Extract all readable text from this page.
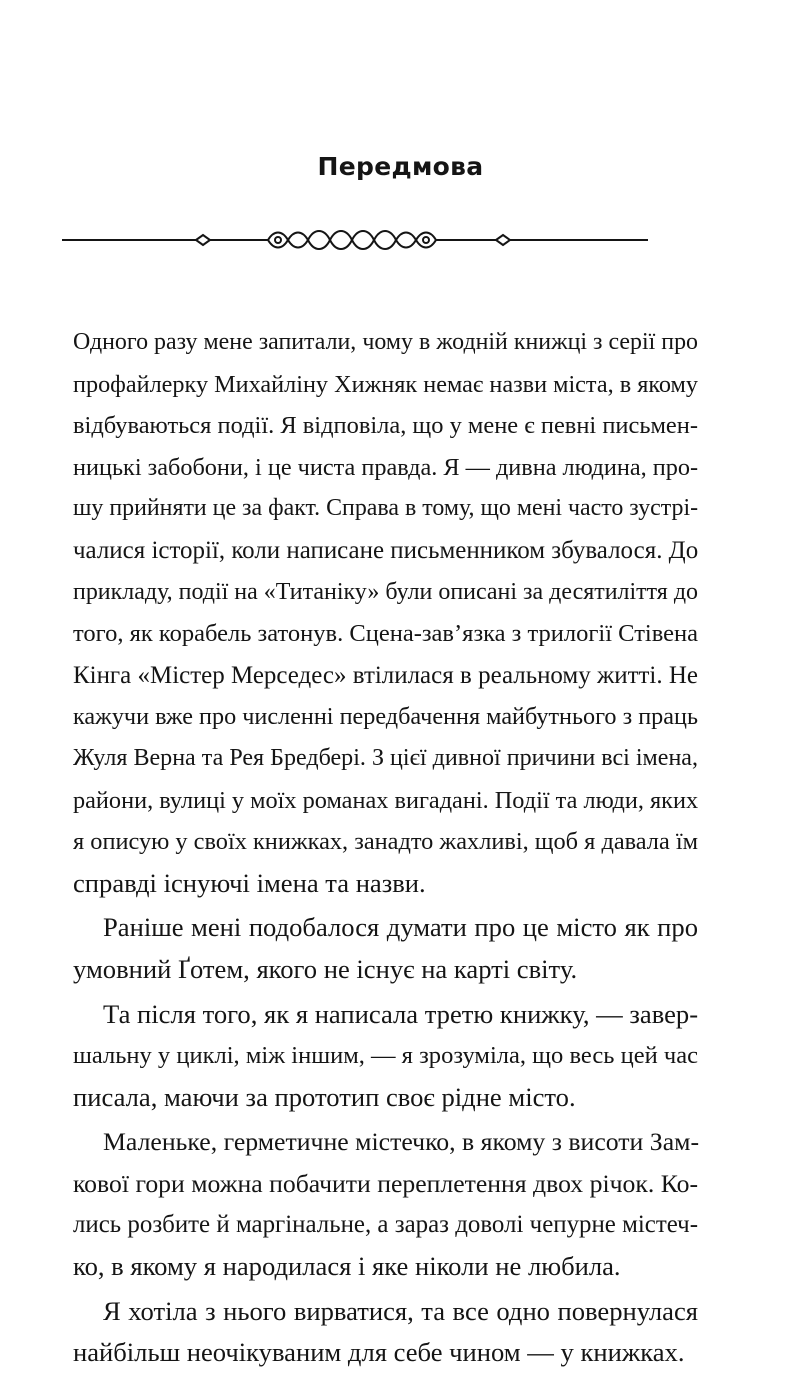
Передмова
Одного разу мене запитали, чому в жодній книжці з серії про
профайлерку Михайліну Хижняк немає назви міста, в якому
відбуваються події. Я відповіла, що у мене є певні письмен-
ницькі забобони, і це чиста правда. Я — дивна людина, про-
шу прийняти це за факт. Справа в тому, що мені часто зустрі-
чалися історії, коли написане письменником збувалося. До
прикладу, події на «Титаніку» були описані за десятиліття до
того, як корабель затонув. Сцена-зав’язка з трилогії Стівена
Кінга «Містер Мерседес» втілилася в реальному житті. Не
кажучи вже про численні передбачення майбутнього з праць
Жуля Верна та Рея Бредбері. З цієї дивної причини всі імена,
райони, вулиці у моїх романах вигадані. Події та люди, яких
я описую у своїх книжках, занадто жахливі, щоб я давала їм
справді існуючі імена та назви.
Раніше мені подобалося думати про це місто як про
умовний Ґотем, якого не існує на карті світу.
Та після того, як я написала третю книжку, — завер-
шальну у циклі, між іншим, — я зрозуміла, що весь цей час
писала, маючи за прототип своє рідне місто.
Маленьке, герметичне містечко, в якому з висоти Зам-
кової гори можна побачити переплетення двох річок. Ко-
лись розбите й маргінальне, а зараз доволі чепурне містеч-
ко, в якому я народилася і яке ніколи не любила.
Я хотіла з нього вирватися, та все одно повернулася
найбільш неочікуваним для себе чином — у книжках.
